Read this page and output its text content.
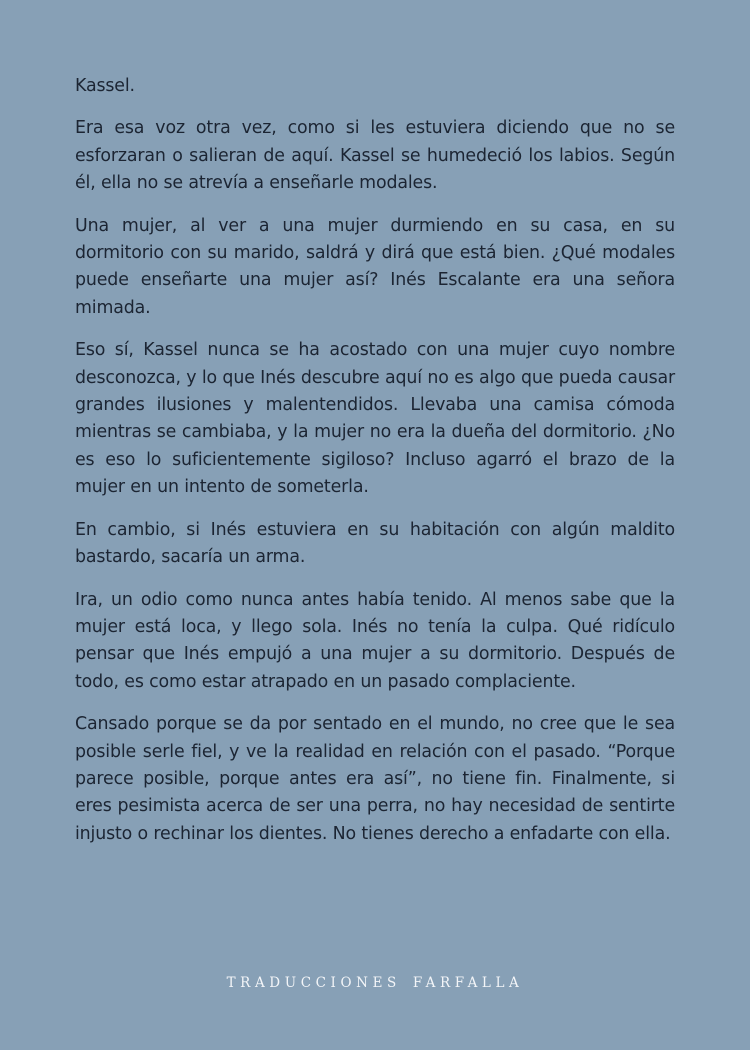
Kassel.

Era esa voz otra vez, como si les estuviera diciendo que no se esforzaran o salieran de aquí. Kassel se humedeció los labios. Según él, ella no se atrevía a enseñarle modales.

Una mujer, al ver a una mujer durmiendo en su casa, en su dormitorio con su marido, saldrá y dirá que está bien. ¿Qué modales puede enseñarte una mujer así? Inés Escalante era una señora mimada.

Eso sí, Kassel nunca se ha acostado con una mujer cuyo nombre desconozca, y lo que Inés descubre aquí no es algo que pueda causar grandes ilusiones y malentendidos. Llevaba una camisa cómoda mientras se cambiaba, y la mujer no era la dueña del dormitorio. ¿No es eso lo suficientemente sigiloso? Incluso agarró el brazo de la mujer en un intento de someterla.

En cambio, si Inés estuviera en su habitación con algún maldito bastardo, sacaría un arma.

Ira, un odio como nunca antes había tenido. Al menos sabe que la mujer está loca, y llego sola. Inés no tenía la culpa. Qué ridículo pensar que Inés empujó a una mujer a su dormitorio. Después de todo, es como estar atrapado en un pasado complaciente.

Cansado porque se da por sentado en el mundo, no cree que le sea posible serle fiel, y ve la realidad en relación con el pasado. “Porque parece posible, porque antes era así”, no tiene fin. Finalmente, si eres pesimista acerca de ser una perra, no hay necesidad de sentirte injusto o rechinar los dientes. No tienes derecho a enfadarte con ella.

TRADUCCIONES FARFALLA
